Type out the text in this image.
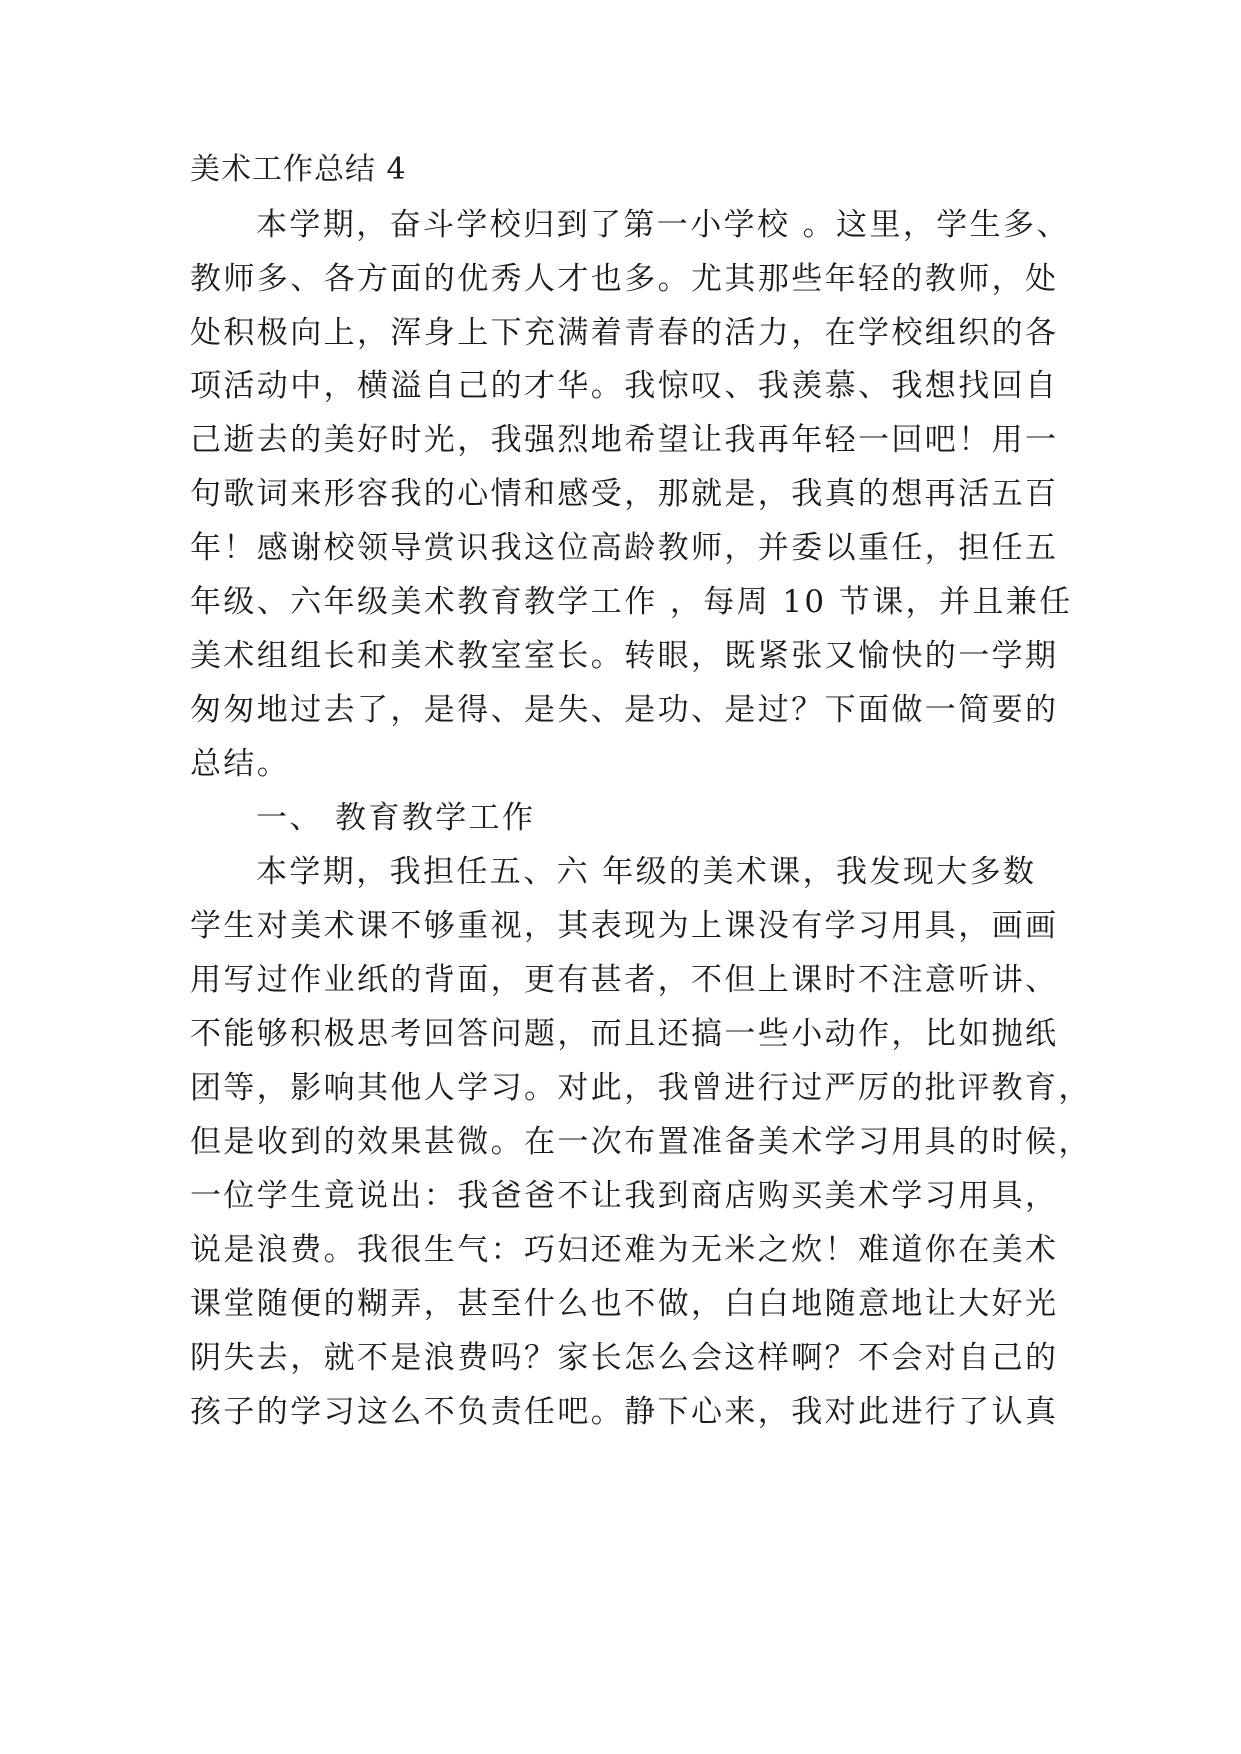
美术工作总结 4

本学期，奋斗学校归到了第一小学校 。这里，学生多、

教师多、各方面的优秀人才也多。尤其那些年轻的教师，处

处积极向上，浑身上下充满着青春的活力，在学校组织的各

项活动中，横溢自己的才华。我惊叹、我羡慕、我想找回自

己逝去的美好时光，我强烈地希望让我再年轻一回吧！用一

句歌词来形容我的心情和感受，那就是，我真的想再活五百

年！感谢校领导赏识我这位高龄教师，并委以重任，担任五

年级、六年级美术教育教学工作 ，每周 10 节课，并且兼任

美术组组长和美术教室室长。转眼，既紧张又愉快的一学期

匆匆地过去了，是得、是失、是功、是过？下面做一简要的

总结。

一、 教育教学工作

本学期，我担任五、六 年级的美术课，我发现大多数

学生对美术课不够重视，其表现为上课没有学习用具，画画

用写过作业纸的背面，更有甚者，不但上课时不注意听讲、

不能够积极思考回答问题，而且还搞一些小动作，比如抛纸

团等，影响其他人学习。对此，我曾进行过严厉的批评教育，

但是收到的效果甚微。在一次布置准备美术学习用具的时候，

一位学生竟说出：我爸爸不让我到商店购买美术学习用具，

说是浪费。我很生气：巧妇还难为无米之炊！难道你在美术

课堂随便的糊弄，甚至什么也不做，白白地随意地让大好光

阴失去，就不是浪费吗？家长怎么会这样啊？不会对自己的

孩子的学习这么不负责任吧。静下心来，我对此进行了认真
